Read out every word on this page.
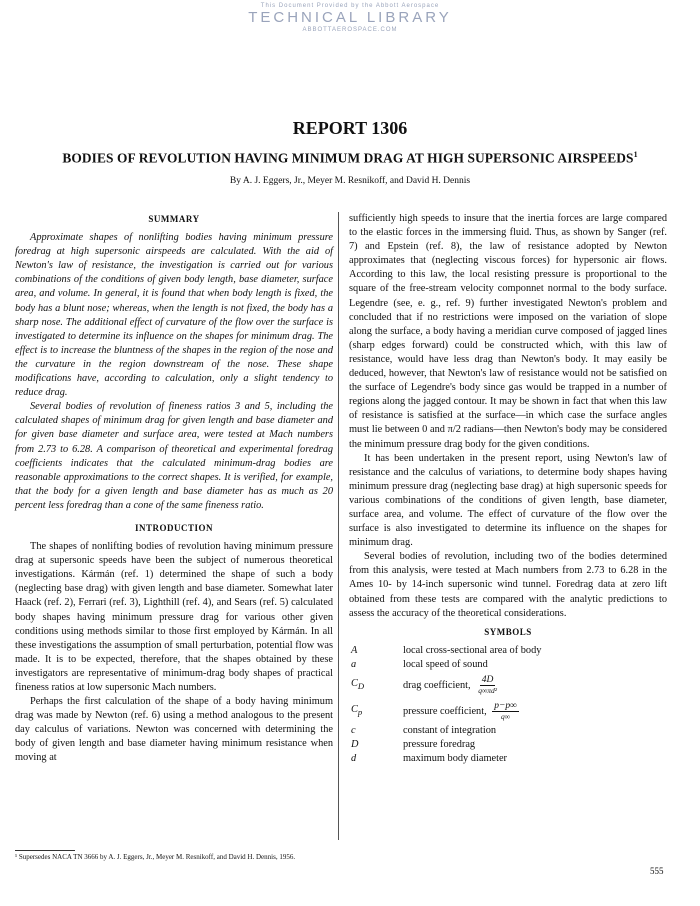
This Document Provided by the Abbott Aerospace
TECHNICAL LIBRARY
ABBOTTAEROSPACE.COM
REPORT 1306
BODIES OF REVOLUTION HAVING MINIMUM DRAG AT HIGH SUPERSONIC AIRSPEEDS$^1$
By A. J. Eggers, Jr., Meyer M. Resnikoff, and David H. Dennis
SUMMARY

Approximate shapes of nonlifting bodies having minimum pressure foredrag at high supersonic airspeeds are calculated. With the aid of Newton's law of resistance, the investigation is carried out for various combinations of the conditions of given body length, base diameter, surface area, and volume. In general, it is found that when body length is fixed, the body has a blunt nose; whereas, when the length is not fixed, the body has a sharp nose. The additional effect of curvature of the flow over the surface is investigated to determine its influence on the shapes for minimum drag. The effect is to increase the bluntness of the shapes in the region of the nose and the curvature in the region downstream of the nose. These shape modifications have, according to calculation, only a slight tendency to reduce drag.

Several bodies of revolution of fineness ratios 3 and 5, including the calculated shapes of minimum drag for given length and base diameter and for given base diameter and surface area, were tested at Mach numbers from 2.73 to 6.28. A comparison of theoretical and experimental foredrag coefficients indicates that the calculated minimum-drag bodies are reasonable approximations to the correct shapes. It is verified, for example, that the body for a given length and base diameter has as much as 20 percent less foredrag than a cone of the same fineness ratio.

INTRODUCTION

The shapes of nonlifting bodies of revolution having minimum pressure drag at supersonic speeds have been the subject of numerous theoretical investigations. Kármán (ref. 1) determined the shape of such a body (neglecting base drag) with given length and base diameter. Somewhat later Haack (ref. 2), Ferrari (ref. 3), Lighthill (ref. 4), and Sears (ref. 5) calculated body shapes having minimum pressure drag for various other given conditions using methods similar to those first employed by Kármán. In all these investigations the assumption of small perturbation, potential flow was made. It is to be expected, therefore, that the shapes obtained by these investigators are representative of minimum-drag body shapes of practical fineness ratios at low supersonic Mach numbers.

Perhaps the first calculation of the shape of a body having minimum drag was made by Newton (ref. 6) using a method analogous to the present day calculus of variations. Newton was concerned with determining the body of given length and base diameter having minimum resistance when moving at

sufficiently high speeds to insure that the inertia forces are large compared to the elastic forces in the immersing fluid. Thus, as shown by Sanger (ref. 7) and Epstein (ref. 8), the law of resistance adopted by Newton approximates that (neglecting viscous forces) for hypersonic air flows. According to this law, the local resisting pressure is proportional to the square of the free-stream velocity componnet normal to the body surface. Legendre (see, e. g., ref. 9) further investigated Newton's problem and concluded that if no restrictions were imposed on the variation of slope along the surface, a body having a meridian curve composed of jagged lines (sharp edges forward) could be constructed which, with this law of resistance, would have less drag than Newton's body. It may easily be deduced, however, that Newton's law of resistance would not be satisfied on the surface of Legendre's body since gas would be trapped in a number of regions along the jagged contour. It may be shown in fact that when this law of resistance is satisfied at the surface—in which case the surface angles must lie between 0 and π/2 radians—then Newton's body may be considered the minimum pressure drag body for the given conditions.

It has been undertaken in the present report, using Newton's law of resistance and the calculus of variations, to determine body shapes having minimum pressure drag (neglecting base drag) at high supersonic speeds for various combinations of the conditions of given length, base diameter, surface area, and volume. The effect of curvature of the flow over the surface is also investigated to determine its influence on the shapes for minimum drag.

Several bodies of revolution, including two of the bodies determined from this analysis, were tested at Mach numbers from 2.73 to 6.28 in the Ames 10- by 14-inch supersonic wind tunnel. Foredrag data at zero lift obtained from these tests are compared with the analytic predictions to assess the accuracy of the theoretical considerations.

SYMBOLS
A	local cross-sectional area of body
a	local speed of sound
$C_D$	drag coefficient, $\frac{4D}{\text{q∞πd²}}$
$C_p$	pressure coefficient, $\frac{p-p\infty}{q\infty}$
c	constant of integration
D	pressure foredrag
d	maximum body diameter
¹ Supersedes NACA TN 3666 by A. J. Eggers, Jr., Meyer M. Resnikoff, and David H. Dennis, 1956.
555
